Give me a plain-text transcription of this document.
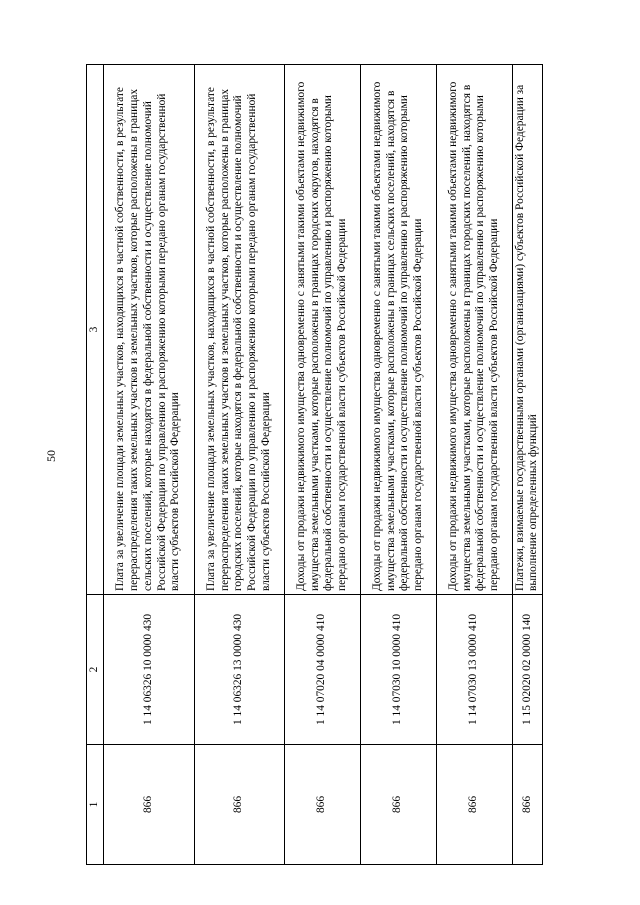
50
1	2	3
866	1 14 06326 10 0000 430	Плата за увеличение площади земельных участков, находящихся в частной собственности, в результате перераспределения таких земельных участков и земельных участков, которые расположены в границах сельских поселений, которые находятся в федеральной собственности и осуществление полномочий Российской Федерации по управлению и распоряжению которыми передано органам государственной власти субъектов Российской Федерации
866	1 14 06326 13 0000 430	Плата за увеличение площади земельных участков, находящихся в частной собственности, в результате перераспределения таких земельных участков и земельных участков, которые расположены в границах городских поселений, которые находятся в федеральной собственности и осуществление полномочий Российской Федерации по управлению и распоряжению которыми передано органам государственной власти субъектов Российской Федерации
866	1 14 07020 04 0000 410	Доходы от продажи недвижимого имущества одновременно с занятыми такими объектами недвижимого имущества земельными участками, которые расположены в границах городских округов, находятся в федеральной собственности и осуществление полномочий по управлению и распоряжению которыми передано органам государственной власти субъектов Российской Федерации
866	1 14 07030 10 0000 410	Доходы от продажи недвижимого имущества одновременно с занятыми такими объектами недвижимого имущества земельными участками, которые расположены в границах сельских поселений, находятся в федеральной собственности и осуществление полномочий по управлению и распоряжению которыми передано органам государственной власти субъектов Российской Федерации
866	1 14 07030 13 0000 410	Доходы от продажи недвижимого имущества одновременно с занятыми такими объектами недвижимого имущества земельными участками, которые расположены в границах городских поселений, находятся в федеральной собственности и осуществление полномочий по управлению и распоряжению которыми передано органам государственной власти субъектов Российской Федерации
866	1 15 02020 02 0000 140	Платежи, взимаемые государственными органами (организациями) субъектов Российской Федерации за выполнение определенных функций
